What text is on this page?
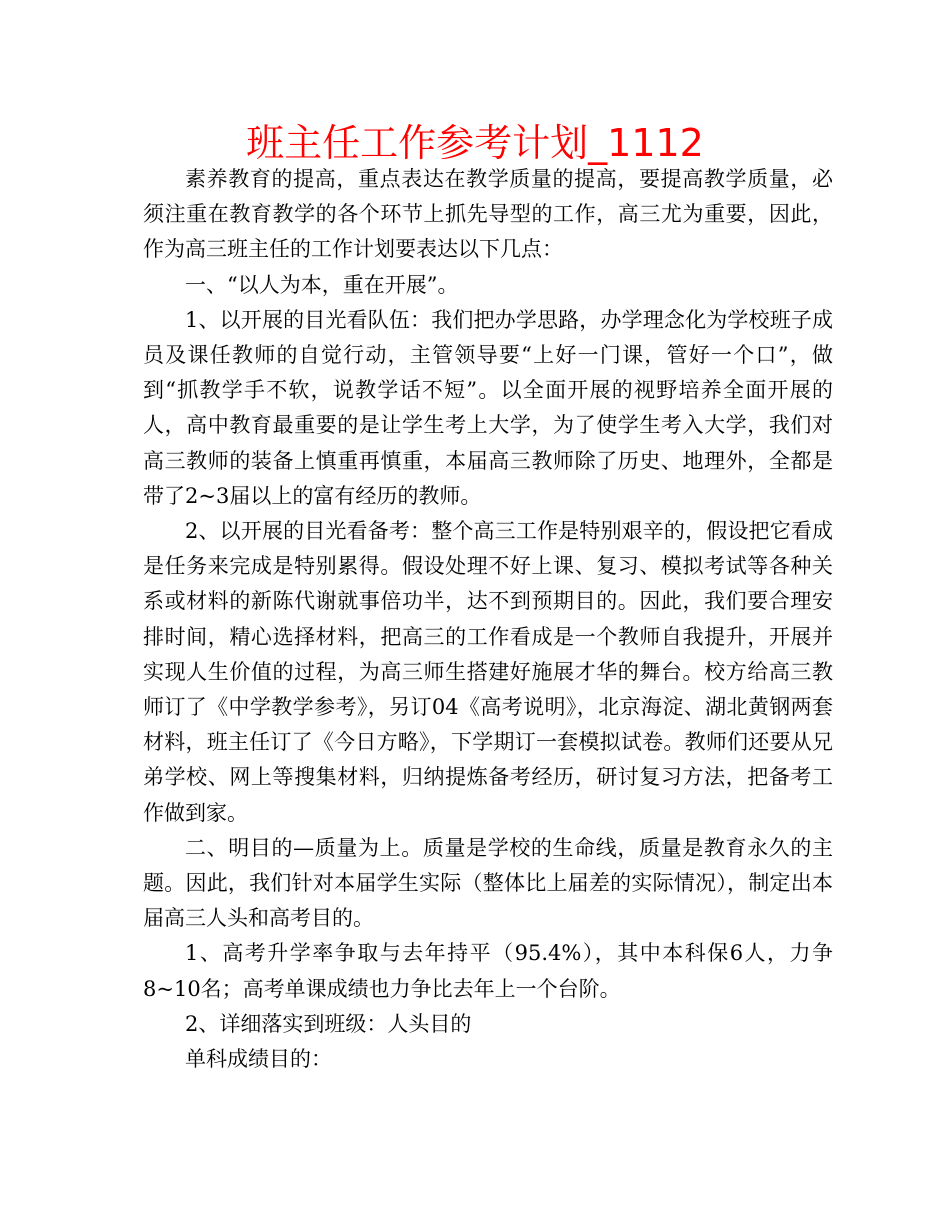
班主任工作参考计划_1112

素养教育的提高，重点表达在教学质量的提高，要提高教学质量，必须注重在教育教学的各个环节上抓先导型的工作，高三尤为重要，因此，作为高三班主任的工作计划要表达以下几点：

一、“以人为本，重在开展”。

1、以开展的目光看队伍：我们把办学思路，办学理念化为学校班子成员及课任教师的自觉行动，主管领导要“上好一门课，管好一个口”，做到“抓教学手不软，说教学话不短”。以全面开展的视野培养全面开展的人，高中教育最重要的是让学生考上大学，为了使学生考入大学，我们对高三教师的装备上慎重再慎重，本届高三教师除了历史、地理外，全都是带了2~3届以上的富有经历的教师。

2、以开展的目光看备考：整个高三工作是特别艰辛的，假设把它看成是任务来完成是特别累得。假设处理不好上课、复习、模拟考试等各种关系或材料的新陈代谢就事倍功半，达不到预期目的。因此，我们要合理安排时间，精心选择材料，把高三的工作看成是一个教师自我提升，开展并实现人生价值的过程，为高三师生搭建好施展才华的舞台。校方给高三教师订了《中学教学参考》，另订04《高考说明》，北京海淀、湖北黄钢两套材料，班主任订了《今日方略》，下学期订一套模拟试卷。教师们还要从兄弟学校、网上等搜集材料，归纳提炼备考经历，研讨复习方法，把备考工作做到家。

二、明目的—质量为上。质量是学校的生命线，质量是教育永久的主题。因此，我们针对本届学生实际（整体比上届差的实际情况），制定出本届高三人头和高考目的。

1、高考升学率争取与去年持平（95.4%），其中本科保6人，力争8~10名；高考单课成绩也力争比去年上一个台阶。

2、详细落实到班级：人头目的

单科成绩目的：
